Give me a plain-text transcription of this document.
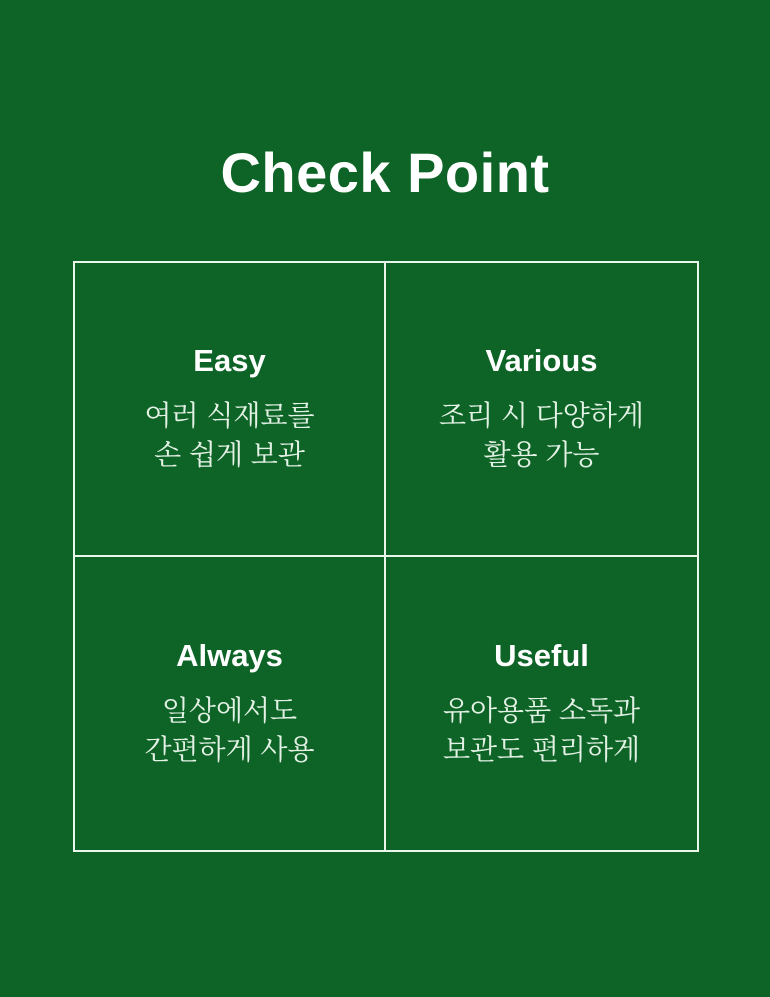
Check Point
Easy
여러 식재료를
손 쉽게 보관
Various
조리 시 다양하게
활용 가능
Always
일상에서도
간편하게 사용
Useful
유아용품 소독과
보관도 편리하게
